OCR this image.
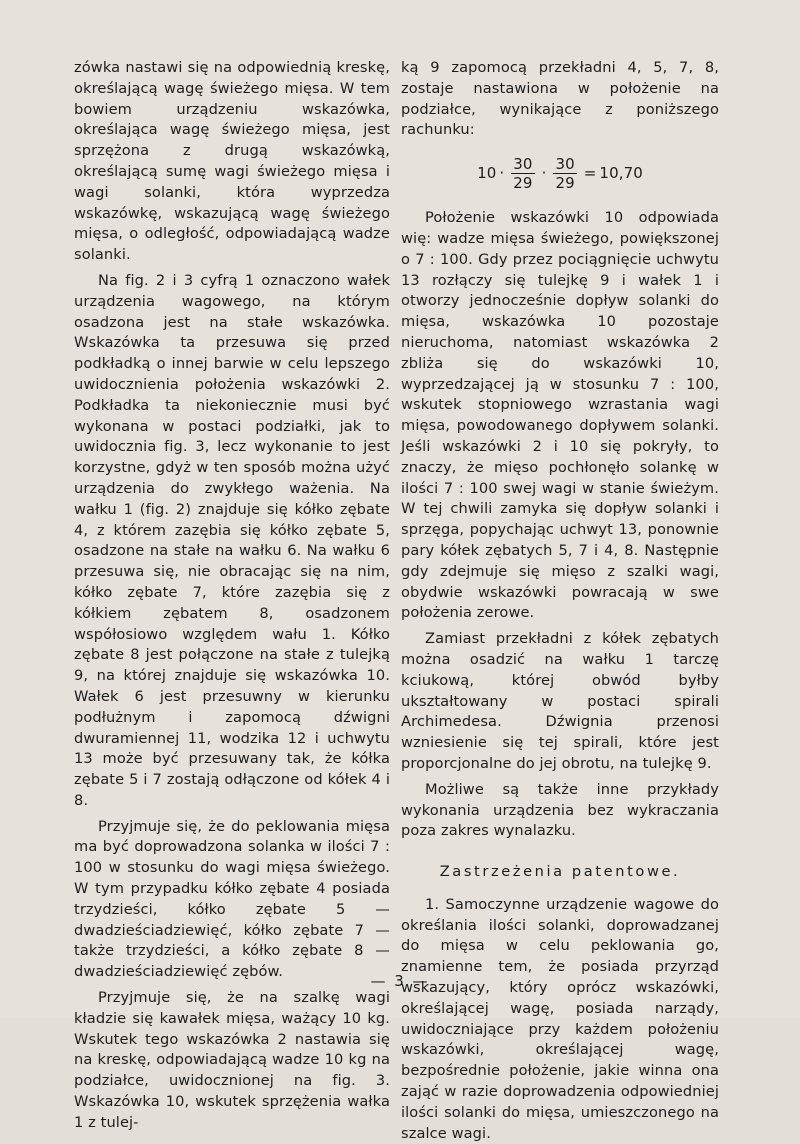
zówka nastawi się na odpowiednią kreskę, określającą wagę świeżego mięsa. W tem bowiem urządzeniu wskazówka, określająca wagę świeżego mięsa, jest sprzężona z drugą wskazówką, określającą sumę wagi świeżego mięsa i wagi solanki, która wyprzedza wskazówkę, wskazującą wagę świeżego mięsa, o odległość, odpowiadającą wadze solanki.

Na fig. 2 i 3 cyfrą 1 oznaczono wałek urządzenia wagowego, na którym osadzona jest na stałe wskazówka. Wskazówka ta przesuwa się przed podkładką o innej barwie w celu lepszego uwidocznienia położenia wskazówki 2. Podkładka ta niekoniecznie musi być wykonana w postaci podziałki, jak to uwidocznia fig. 3, lecz wykonanie to jest korzystne, gdyż w ten sposób można użyć urządzenia do zwykłego ważenia. Na wałku 1 (fig. 2) znajduje się kółko zębate 4, z którem zazębia się kółko zębate 5, osadzone na stałe na wałku 6. Na wałku 6 przesuwa się, nie obracając się na nim, kółko zębate 7, które zazębia się z kółkiem zębatem 8, osadzonem współosiowo względem wału 1. Kółko zębate 8 jest połączone na stałe z tulejką 9, na której znajduje się wskazówka 10. Wałek 6 jest przesuwny w kierunku podłużnym i zapomocą dźwigni dwuramiennej 11, wodzika 12 i uchwytu 13 może być przesuwany tak, że kółka zębate 5 i 7 zostają odłączone od kółek 4 i 8.

Przyjmuje się, że do peklowania mięsa ma być doprowadzona solanka w ilości 7 : 100 w stosunku do wagi mięsa świeżego. W tym przypadku kółko zębate 4 posiada trzydzieści, kółko zębate 5 — dwadzieściadziewięć, kółko zębate 7 — także trzydzieści, a kółko zębate 8 — dwadzieściadziewięć zębów.

Przyjmuje się, że na szalkę wagi kładzie się kawałek mięsa, ważący 10 kg. Wskutek tego wskazówka 2 nastawia się na kreskę, odpowiadającą wadze 10 kg na podziałce, uwidocznionej na fig. 3. Wskazówka 10, wskutek sprzężenia wałka 1 z tulej-

ką 9 zapomocą przekładni 4, 5, 7, 8, zostaje nastawiona w położenie na podziałce, wynikające z poniższego rachunku:

$10 \cdot \frac{30}{29} \cdot \frac{30}{29} = 10,70$

Położenie wskazówki 10 odpowiada wię: wadze mięsa świeżego, powiększonej o 7 : 100. Gdy przez pociągnięcie uchwytu 13 rozłączy się tulejkę 9 i wałek 1 i otworzy jednocześnie dopływ solanki do mięsa, wskazówka 10 pozostaje nieruchoma, natomiast wskazówka 2 zbliża się do wskazówki 10, wyprzedzającej ją w stosunku 7 : 100, wskutek stopniowego wzrastania wagi mięsa, powodowanego dopływem solanki. Jeśli wskazówki 2 i 10 się pokryły, to znaczy, że mięso pochłonęło solankę w ilości 7 : 100 swej wagi w stanie świeżym. W tej chwili zamyka się dopływ solanki i sprzęga, popychając uchwyt 13, ponownie pary kółek zębatych 5, 7 i 4, 8. Następnie gdy zdejmuje się mięso z szalki wagi, obydwie wskazówki powracają w swe położenia zerowe.

Zamiast przekładni z kółek zębatych można osadzić na wałku 1 tarczę kciukową, której obwód byłby ukształtowany w postaci spirali Archimedesa. Dźwignia przenosi wzniesienie się tej spirali, które jest proporcjonalne do jej obrotu, na tulejkę 9.

Możliwe są także inne przykłady wykonania urządzenia bez wykraczania poza zakres wynalazku.

Zastrzeżenia patentowe.

1. Samoczynne urządzenie wagowe do określania ilości solanki, doprowadzanej do mięsa w celu peklowania go, znamienne tem, że posiada przyrząd wskazujący, który oprócz wskazówki, określającej wagę, posiada narządy, uwidoczniające przy każdem położeniu wskazówki, określającej wagę, bezpośrednie położenie, jakie winna ona zająć w razie doprowadzenia odpowiedniej ilości solanki do mięsa, umieszczonego na szalce wagi.

— 3 —
